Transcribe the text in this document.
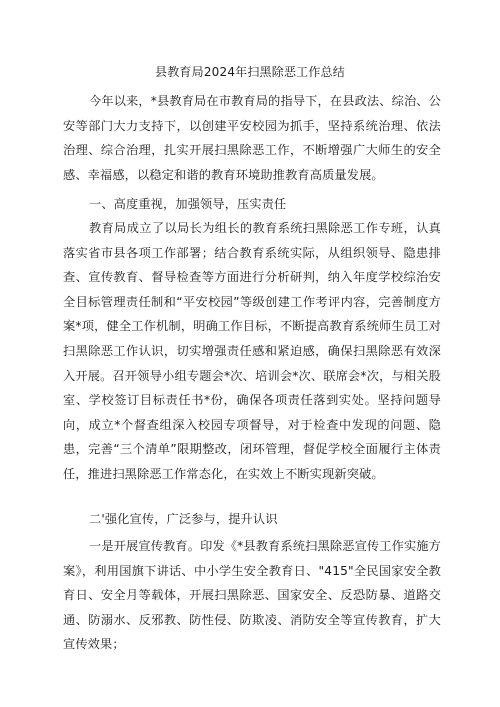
县教育局2024年扫黑除恶工作总结
今年以来，*县教育局在市教育局的指导下，在县政法、综治、公安等部门大力支持下，以创建平安校园为抓手，坚持系统治理、依法治理、综合治理，扎实开展扫黑除恶工作，不断增强广大师生的安全感、幸福感，以稳定和谐的教育环境助推教育高质量发展。
一、高度重视，加强领导，压实责任
教育局成立了以局长为组长的教育系统扫黑除恶工作专班，认真落实省市县各项工作部署；结合教育系统实际，从组织领导、隐患排查、宣传教育、督导检查等方面进行分析研判，纳入年度学校综治安全目标管理责任制和“平安校园”等级创建工作考评内容，完善制度方案*项，健全工作机制，明确工作目标，不断提高教育系统师生员工对扫黑除恶工作认识，切实增强责任感和紧迫感，确保扫黑除恶有效深入开展。召开领导小组专题会*次、培训会*次、联席会*次，与相关股室、学校签订目标责任书*份，确保各项责任落到实处。坚持问题导向，成立*个督查组深入校园专项督导，对于检查中发现的问题、隐患，完善“三个清单”限期整改，闭环管理，督促学校全面履行主体责任，推进扫黑除恶工作常态化，在实效上不断实现新突破。
二'强化宣传，广泛参与，提升认识
一是开展宣传教育。印发《*县教育系统扫黑除恶宣传工作实施方案》，利用国旗下讲话、中小学生安全教育日、"415"全民国家安全教育日、安全月等载体，开展扫黑除恶、国家安全、反恐防暴、道路交通、防溺水、反邪教、防性侵、防欺凌、消防安全等宣传教育，扩大宣传效果；
